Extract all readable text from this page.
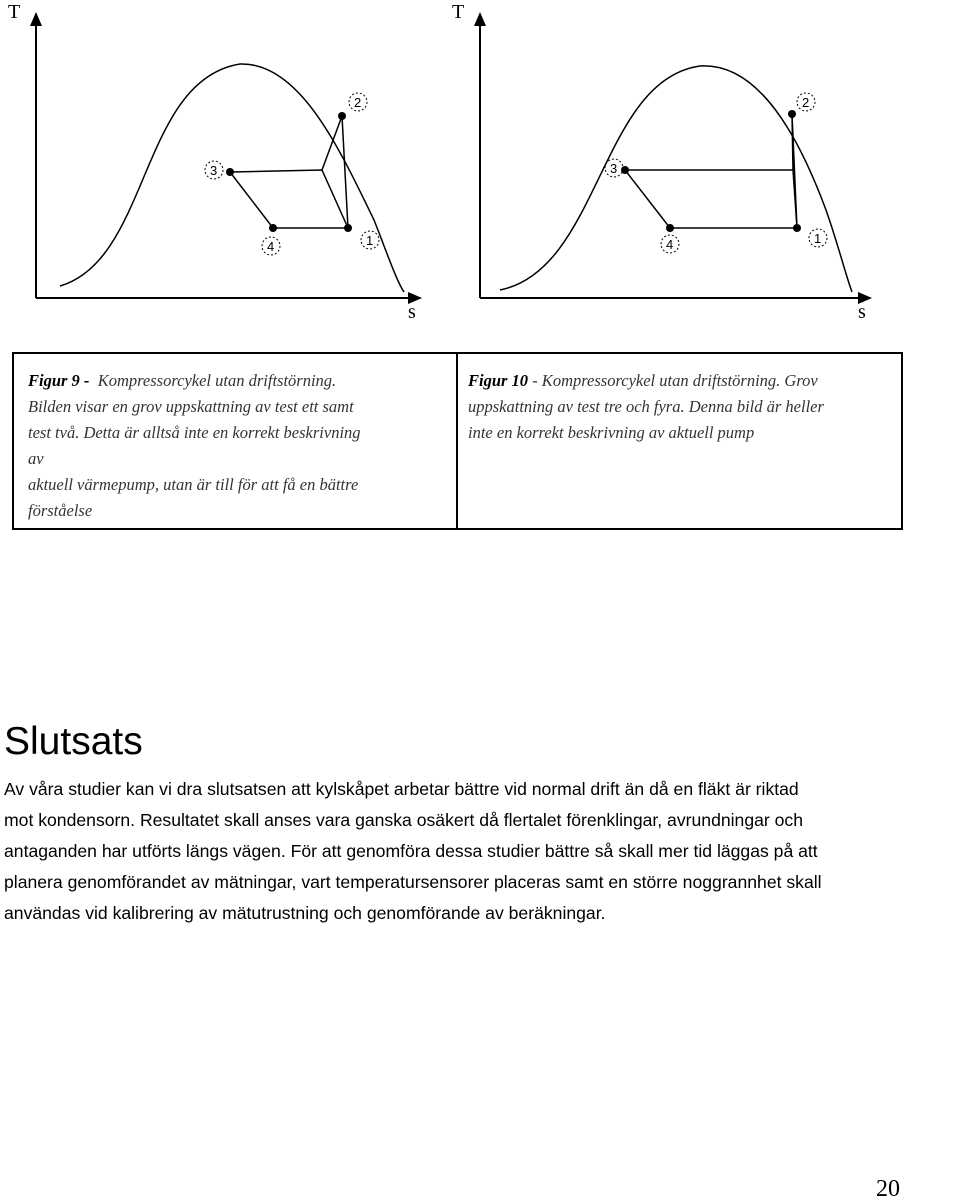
T
s
1
2
3
4
T
s
1
2
3
4
Figur 9 - Kompressorcykel utan driftstörning.
Bilden visar en grov uppskattning av test ett samt
test två. Detta är alltså inte en korrekt beskrivning
av
aktuell värmepump, utan är till för att få en bättre
förståelse
Figur 10 - Kompressorcykel utan driftstörning. Grov
uppskattning av test tre och fyra. Denna bild är heller
inte en korrekt beskrivning av aktuell pump
Slutsats
Av våra studier kan vi dra slutsatsen att kylskåpet arbetar bättre vid normal drift än då en fläkt är riktad
mot kondensorn. Resultatet skall anses vara ganska osäkert då flertalet förenklingar, avrundningar och
antaganden har utförts längs vägen. För att genomföra dessa studier bättre så skall mer tid läggas på att
planera genomförandet av mätningar, vart temperatursensorer placeras samt en större noggrannhet skall
användas vid kalibrering av mätutrustning och genomförande av beräkningar.
20
